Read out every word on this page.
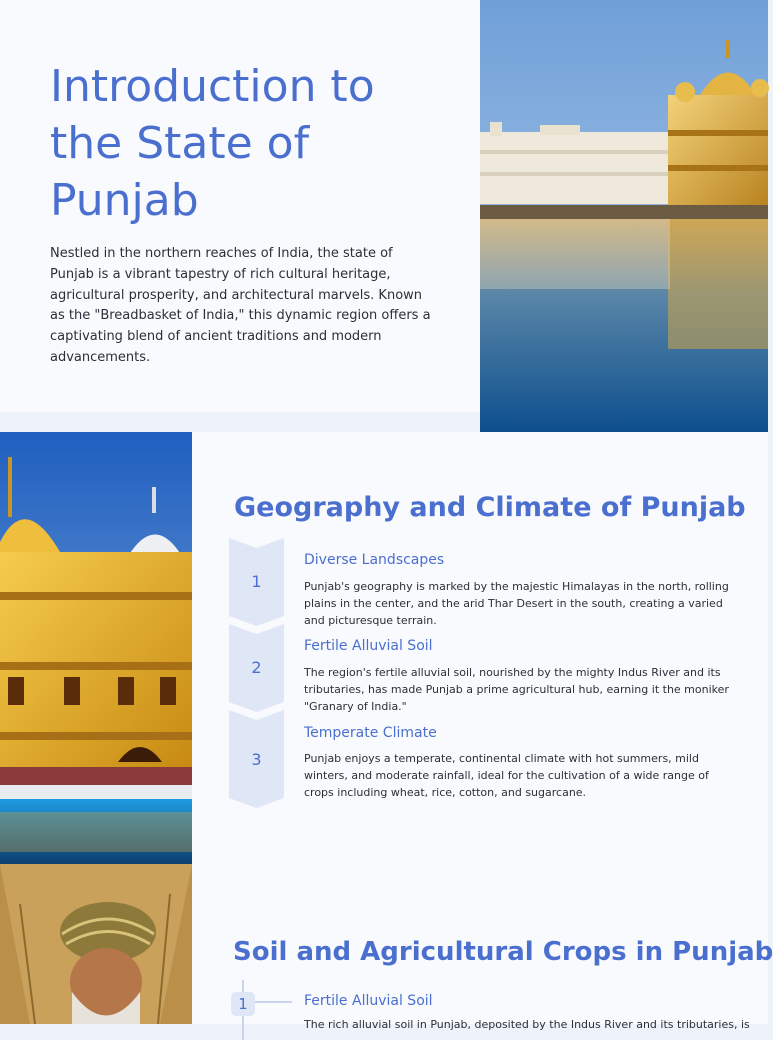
Introduction to the State of Punjab

Nestled in the northern reaches of India, the state of Punjab is a vibrant tapestry of rich cultural heritage, agricultural prosperity, and architectural marvels. Known as the "Breadbasket of India," this dynamic region offers a captivating blend of ancient traditions and modern advancements.

Geography and Climate of Punjab
1
Diverse Landscapes

Punjab's geography is marked by the majestic Himalayas in the north, rolling plains in the center, and the arid Thar Desert in the south, creating a varied and picturesque terrain.

2
Fertile Alluvial Soil

The region's fertile alluvial soil, nourished by the mighty Indus River and its tributaries, has made Punjab a prime agricultural hub, earning it the moniker "Granary of India."

3
Temperate Climate

Punjab enjoys a temperate, continental climate with hot summers, mild winters, and moderate rainfall, ideal for the cultivation of a wide range of crops including wheat, rice, cotton, and sugarcane.

Soil and Agricultural Crops in Punjab
1	Fertile Alluvial Soil

The rich alluvial soil in Punjab, deposited by the Indus River and its tributaries, is
